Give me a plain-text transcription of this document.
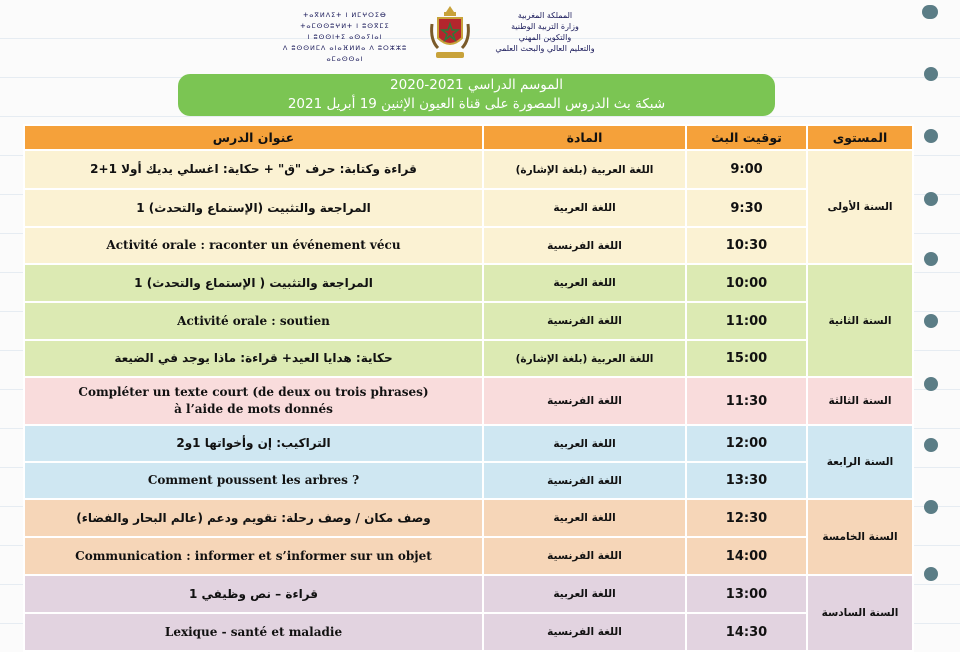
ⵜⴰⴳⵍⴷⵉⵜ ⵏ ⵍⵎⵖⵔⵉⴱ
ⵜⴰⵎⵙⵙⵓⵖⵍⵜ ⵏ ⵓⵙⴳⵎⵉ
ⵏ ⵓⵙⵙⵏⵜⵉ ⴰⵙⴰⵢⵏⴰⵏ
ⴷ ⵓⵙⵙⵍⵎⴷ ⴰⵏⴰⴼⵍⵍⴰ ⴷ ⵓⵔⵣⵣⵓ ⴰⵎⴰⵙⵙⴰⵏ
المملكة المغربية
وزارة التربية الوطنية
والتكوين المهني
والتعليم العالي والبحث العلمي
الموسم الدراسي 2021-2020
شبكة بث الدروس المصورة على قناة العيون الإثنين 19 أبريل 2021
عنوان الدرس	المادة	توقيت البث	المستوى
قراءة وكتابة: حرف "ق" + حكاية: اغسلي يديك أولا 1+2	اللغة العربية (بلغة الإشارة)	9:00	السنة الأولى
المراجعة والتثبيت (الإستماع والتحدث) 1	اللغة العربية	9:30	
Activité orale : raconter un événement vécu	اللغة الفرنسية	10:30	
المراجعة والتثبيت ( الإستماع والتحدث) 1	اللغة العربية	10:00	السنة الثانية
Activité orale : soutien	اللغة الفرنسية	11:00	
حكاية: هدايا العيد+ قراءة: ماذا يوجد في الضيعة	اللغة العربية (بلغة الإشارة)	15:00	

Compléter un texte court (de deux ou trois phrases)
à l’aide de mots donnés	اللغة الفرنسية	11:30	السنة الثالثة
التراكيب: إن وأخواتها 1و2	اللغة العربية	12:00	السنة الرابعة
Comment poussent les arbres ?	اللغة الفرنسية	13:30	
وصف مكان / وصف رحلة: تقويم ودعم (عالم البحار والفضاء)	اللغة العربية	12:30	السنة الخامسة
Communication : informer et s’informer sur un objet	اللغة الفرنسية	14:00	
قراءة – نص وظيفي 1	اللغة العربية	13:00	السنة السادسة
Lexique - santé et maladie	اللغة الفرنسية	14:30	
